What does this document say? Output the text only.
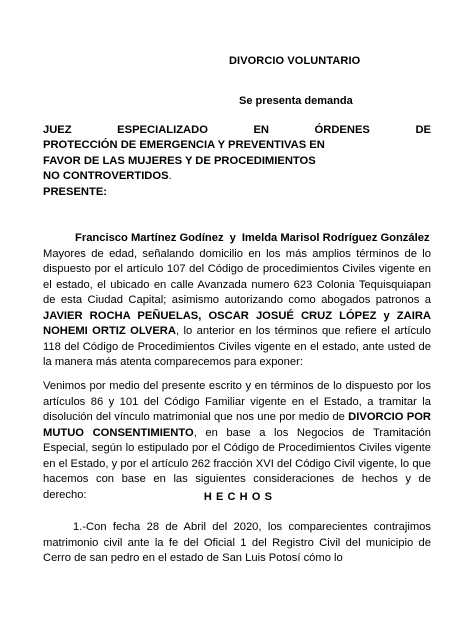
DIVORCIO VOLUNTARIO
Se presenta demanda
JUEZ ESPECIALIZADO EN ÓRDENES DE
PROTECCIÓN DE EMERGENCIA Y PREVENTIVAS EN
FAVOR DE LAS MUJERES Y DE PROCEDIMIENTOS
NO CONTROVERTIDOS.
PRESENTE:
Francisco Martínez Godínez y Imelda Marisol Rodríguez González
Mayores de edad, señalando domicilio en los más amplios términos de lo dispuesto por el artículo 107 del Código de procedimientos Civiles vigente en el estado, el ubicado en calle Avanzada numero 623 Colonia Tequisquiapan de esta Ciudad Capital; asimismo autorizando como abogados patronos a JAVIER ROCHA PEÑUELAS, OSCAR JOSUÉ CRUZ LÓPEZ y ZAIRA NOHEMI ORTIZ OLVERA, lo anterior en los términos que refiere el artículo 118 del Código de Procedimientos Civiles vigente en el estado, ante usted de la manera más atenta comparecemos para exponer:
Venimos por medio del presente escrito y en términos de lo dispuesto por los artículos 86 y 101 del Código Familiar vigente en el Estado, a tramitar la disolución del vínculo matrimonial que nos une por medio de DIVORCIO POR MUTUO CONSENTIMIENTO, en base a los Negocios de Tramitación Especial, según lo estipulado por el Código de Procedimientos Civiles vigente en el Estado, y por el artículo 262 fracción XVI del Código Civil vigente, lo que hacemos con base en las siguientes consideraciones de hechos y de derecho:	HECHOS
1.-Con fecha 28 de Abril del 2020, los comparecientes contrajimos matrimonio civil ante la fe del Oficial 1 del Registro Civil del municipio de Cerro de san pedro en el estado de San Luis Potosí cómo lo
